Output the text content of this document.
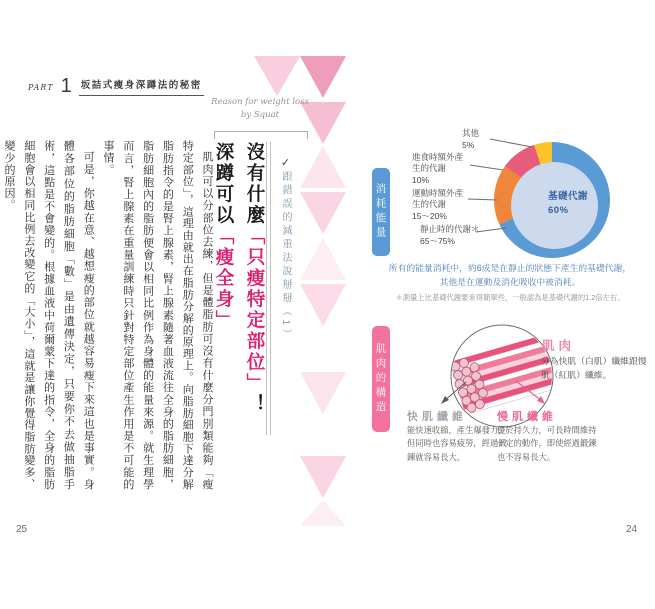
PART 1 坂詰式瘦身深蹲法的秘密
Reason for weight loss
by Squat
✓跟錯誤的減重法說掰掰（1）
沒有什麼「只瘦特定部位」！
深蹲可以「瘦全身」

肌肉可以分部位去練，但是體脂肪可沒有什麼分門別類能夠「瘦特定部位」，這理由就出在脂肪分解的原理上。向脂肪細胞下達分解脂肪指令的是腎上腺素，腎上腺素隨著血液流往全身的脂肪細胞，脂肪細胞內的脂肪便會以相同比例作為身體的能量來源。就生理學而言，腎上腺素在重量訓練時只針對特定部位產生作用是不可能的事情。

可是，你越在意、越想瘦的部位就越容易瘦下來這也是事實。身體各部位的脂肪細胞「數」是由遺傳決定，只要你不去做抽脂手術，這點是不會變的。根據血液中荷爾蒙下達的指令，全身的脂肪細胞會以相同比例去改變它的「大小」，這就是讓你覺得脂肪變多、變少的原因。

25	24
消耗能量	基礎代謝
60%
其他
5%
進食時額外產生的代謝
10%
運動時額外產生的代謝
15～20%
靜止時的代謝＊
65～75%
所有的能量消耗中，約6成是在靜止的狀態下產生的基礎代謝，
其他是在運動及消化吸收中被消耗。
＊測量上比基礎代謝要來得簡單些，一般認為是基礎代謝的1.2倍左右。
肌肉的構造	肌肉
分為快肌（白肌）纖維跟慢肌（紅肌）纖維。
快肌纖維
能快速收縮，產生爆發力，但同時也容易疲勞，經過鍛鍊就容易長大。
慢肌纖維
優於持久力，可長時間維持一定的動作，即使經過鍛鍊也不容易長大。
